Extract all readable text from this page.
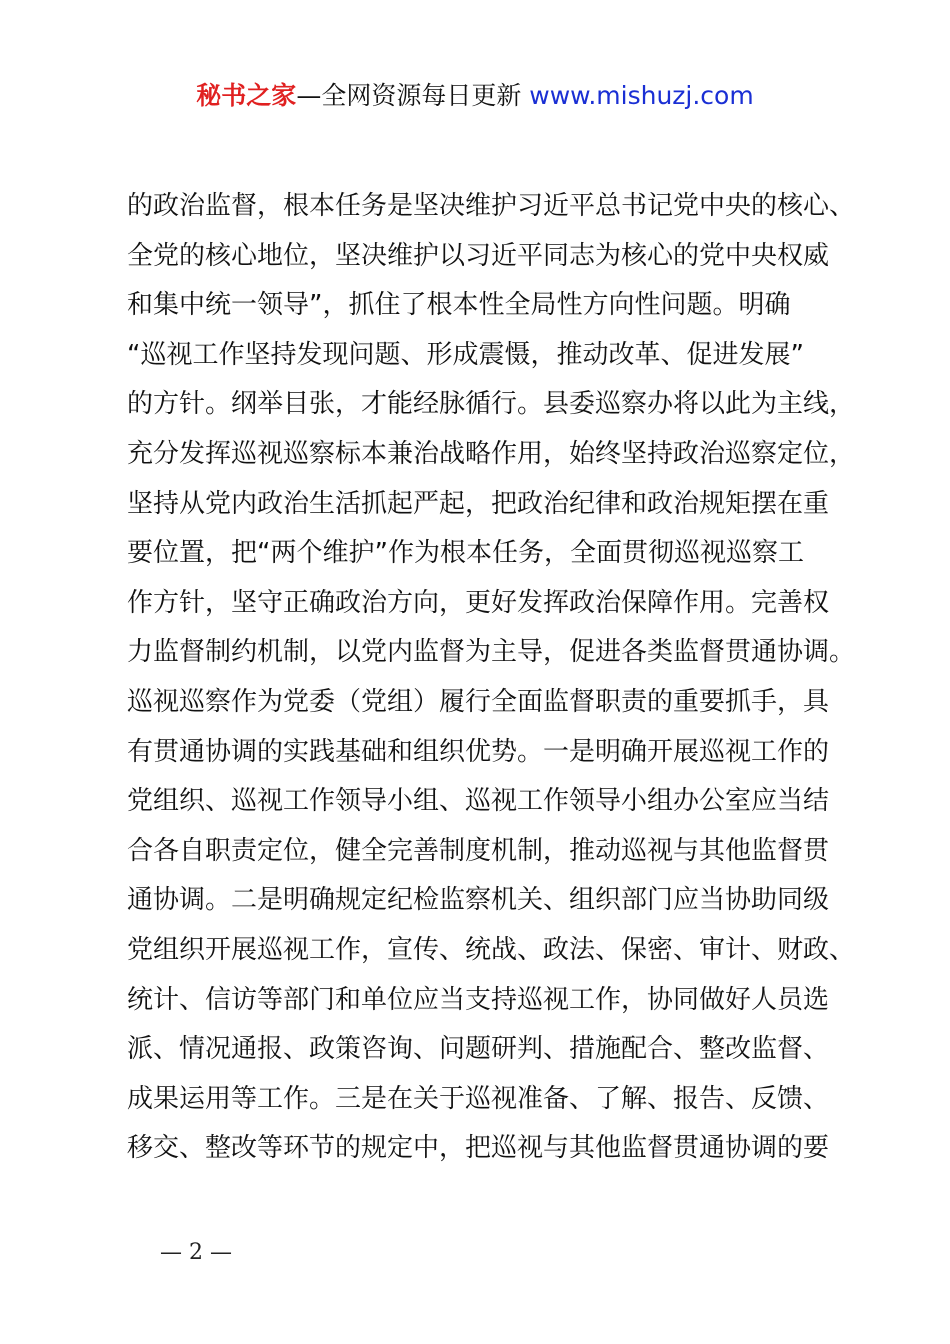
秘书之家—全网资源每日更新 www.mishuzj.com
的政治监督，根本任务是坚决维护习近平总书记党中央的核心、
全党的核心地位，坚决维护以习近平同志为核心的党中央权威
和集中统一领导”，抓住了根本性全局性方向性问题。明确
“巡视工作坚持发现问题、形成震慑，推动改革、促进发展”
的方针。纲举目张，才能经脉循行。县委巡察办将以此为主线，
充分发挥巡视巡察标本兼治战略作用，始终坚持政治巡察定位，
坚持从党内政治生活抓起严起，把政治纪律和政治规矩摆在重
要位置，把“两个维护”作为根本任务，全面贯彻巡视巡察工
作方针，坚守正确政治方向，更好发挥政治保障作用。完善权
力监督制约机制，以党内监督为主导，促进各类监督贯通协调。
巡视巡察作为党委（党组）履行全面监督职责的重要抓手，具
有贯通协调的实践基础和组织优势。一是明确开展巡视工作的
党组织、巡视工作领导小组、巡视工作领导小组办公室应当结
合各自职责定位，健全完善制度机制，推动巡视与其他监督贯
通协调。二是明确规定纪检监察机关、组织部门应当协助同级
党组织开展巡视工作，宣传、统战、政法、保密、审计、财政、
统计、信访等部门和单位应当支持巡视工作，协同做好人员选
派、情况通报、政策咨询、问题研判、措施配合、整改监督、
成果运用等工作。三是在关于巡视准备、了解、报告、反馈、
移交、整改等环节的规定中，把巡视与其他监督贯通协调的要
— 2 —
